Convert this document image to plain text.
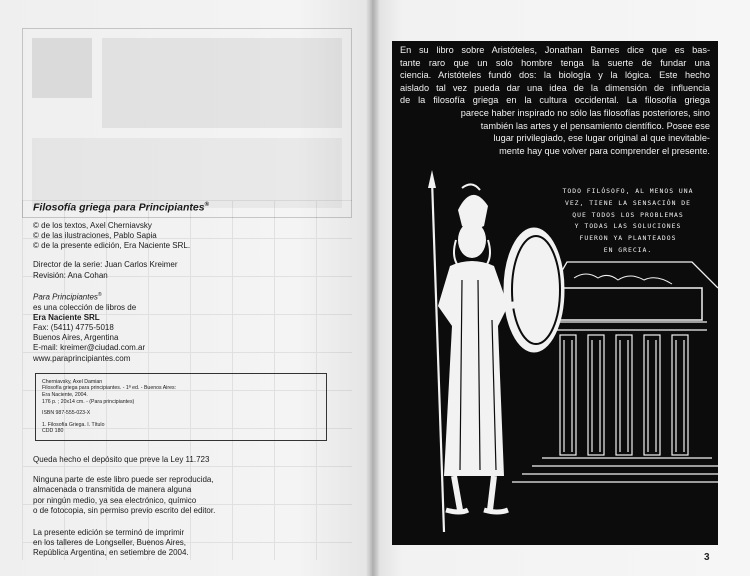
Filosofía griega para Principiantes®
© de los textos, Axel Cherniavsky
© de las ilustraciones, Pablo Sapia
© de la presente edición, Era Naciente SRL.
Director de la serie: Juan Carlos Kreimer
Revisión: Ana Cohan
Para Principiantes®
es una colección de libros de
Era Naciente SRL
Fax: (5411) 4775-5018
Buenos Aires, Argentina
E-mail: kreimer@ciudad.com.ar
www.paraprincipiantes.com
Cherniavsky, Axel Damian
Filosofía griega para principiantes. - 1ª ed. - Buenos Aires:
Era Naciente, 2004.
176 p. ; 20x14 cm. - (Para principiantes)
ISBN 987-555-023-X
1. Filosofía Griega. I. Título
CDD 180
Queda hecho el depósito que preve la Ley 11.723
Ninguna parte de este libro puede ser reproducida,
almacenada o transmitida de manera alguna
por ningún medio, ya sea electrónico, químico
o de fotocopia, sin permiso previo escrito del editor.
La presente edición se terminó de imprimir
en los talleres de Longseller, Buenos Aires,
República Argentina, en setiembre de 2004.
En su libro sobre Aristóteles, Jonathan Barnes dice que es bas-
tante raro que un solo hombre tenga la suerte de fundar una
ciencia. Aristóteles fundó dos: la biología y la lógica. Este hecho
aislado tal vez pueda dar una idea de la dimensión de influencia
de la filosofía griega en la cultura occidental. La filosofía griega
parece haber inspirado no sólo las filosofías posteriores, sino
también las artes y el pensamiento científico. Posee ese
lugar privilegiado, ese lugar original al que inevitable-
mente hay que volver para comprender el presente.
TODO FILÓSOFO, AL MENOS UNA
VEZ, TIENE LA SENSACIÓN DE
QUE TODOS LOS PROBLEMAS
Y TODAS LAS SOLUCIONES
FUERON YA PLANTEADOS
EN GRECIA.
3
